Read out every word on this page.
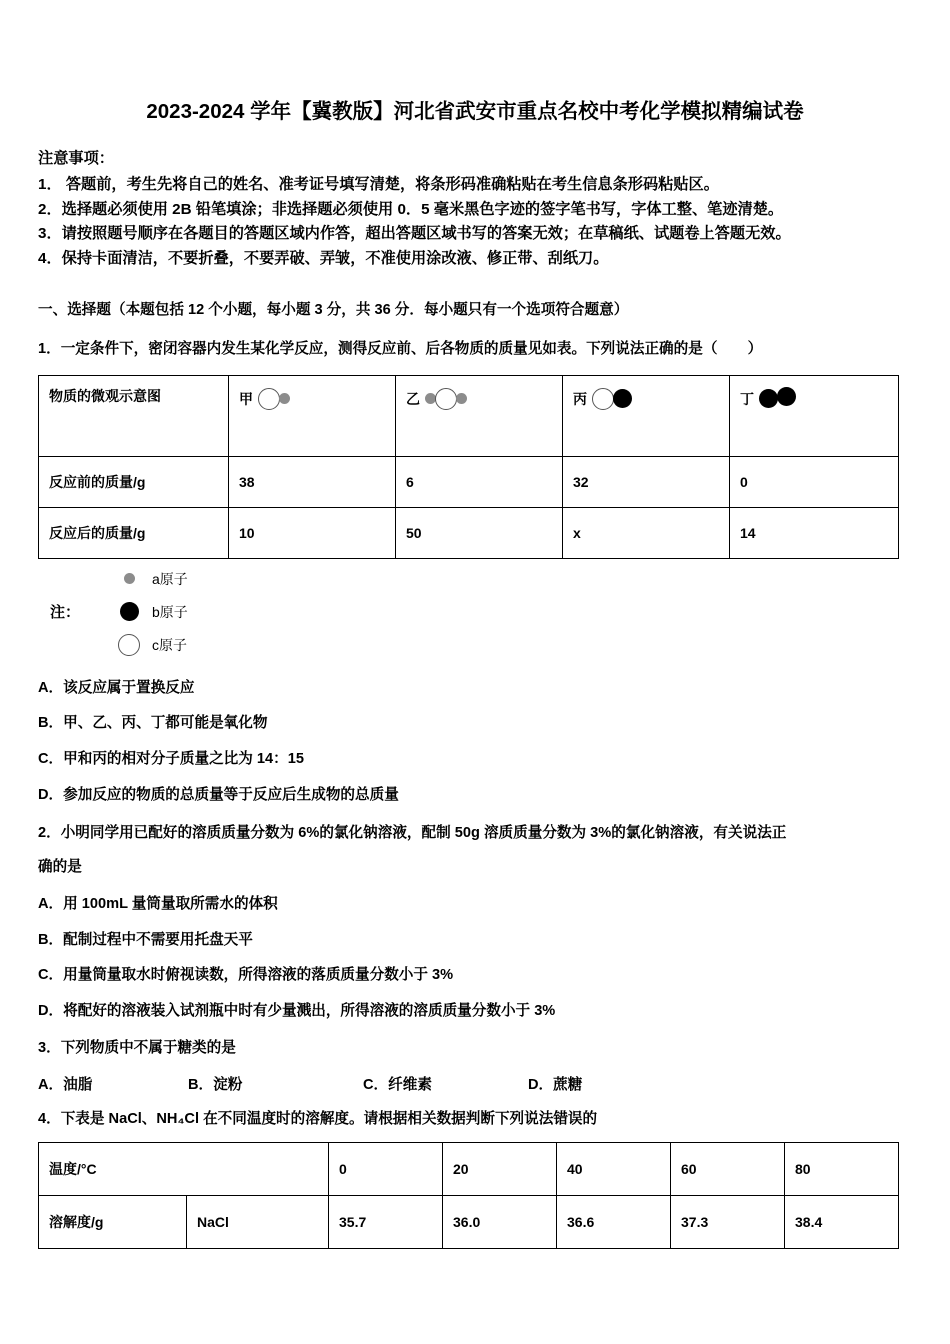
2023-2024 学年【冀教版】河北省武安市重点名校中考化学模拟精编试卷

注意事项：

1． 答题前，考生先将自己的姓名、准考证号填写清楚，将条形码准确粘贴在考生信息条形码粘贴区。

2．选择题必须使用 2B 铅笔填涂；非选择题必须使用 0．5 毫米黑色字迹的签字笔书写，字体工整、笔迹清楚。

3．请按照题号顺序在各题目的答题区域内作答，超出答题区域书写的答案无效；在草稿纸、试题卷上答题无效。

4．保持卡面清洁，不要折叠，不要弄破、弄皱，不准使用涂改液、修正带、刮纸刀。

一、选择题（本题包括 12 个小题，每小题 3 分，共 36 分．每小题只有一个选项符合题意）

1．一定条件下，密闭容器内发生某化学反应，测得反应前、后各物质的质量见如表。下列说法正确的是（ ）

物质的微观示意图	甲	乙	丙	丁

反应前的质量/g	38	6	32	0
反应后的质量/g	10	50	x	14
注：
a原子
b原子
c原子

A．该反应属于置换反应

B．甲、乙、丙、丁都可能是氧化物

C．甲和丙的相对分子质量之比为 14：15

D．参加反应的物质的总质量等于反应后生成物的总质量

2．小明同学用已配好的溶质质量分数为 6%的氯化钠溶液，配制 50g 溶质质量分数为 3%的氯化钠溶液，有关说法正

确的是

A．用 100mL 量筒量取所需水的体积

B．配制过程中不需要用托盘天平

C．用量筒量取水时俯视读数，所得溶液的落质质量分数小于 3%

D．将配好的溶液装入试剂瓶中时有少量溅出，所得溶液的溶质质量分数小于 3%

3．下列物质中不属于糖类的是

A．油脂	B．淀粉	C．纤维素	D．蔗糖

4．下表是 NaCl、NH₄Cl 在不同温度时的溶解度。请根据相关数据判断下列说法错误的

温度/°C		0	20	40	60	80
溶解度/g	NaCl	35.7	36.0	36.6	37.3	38.4
